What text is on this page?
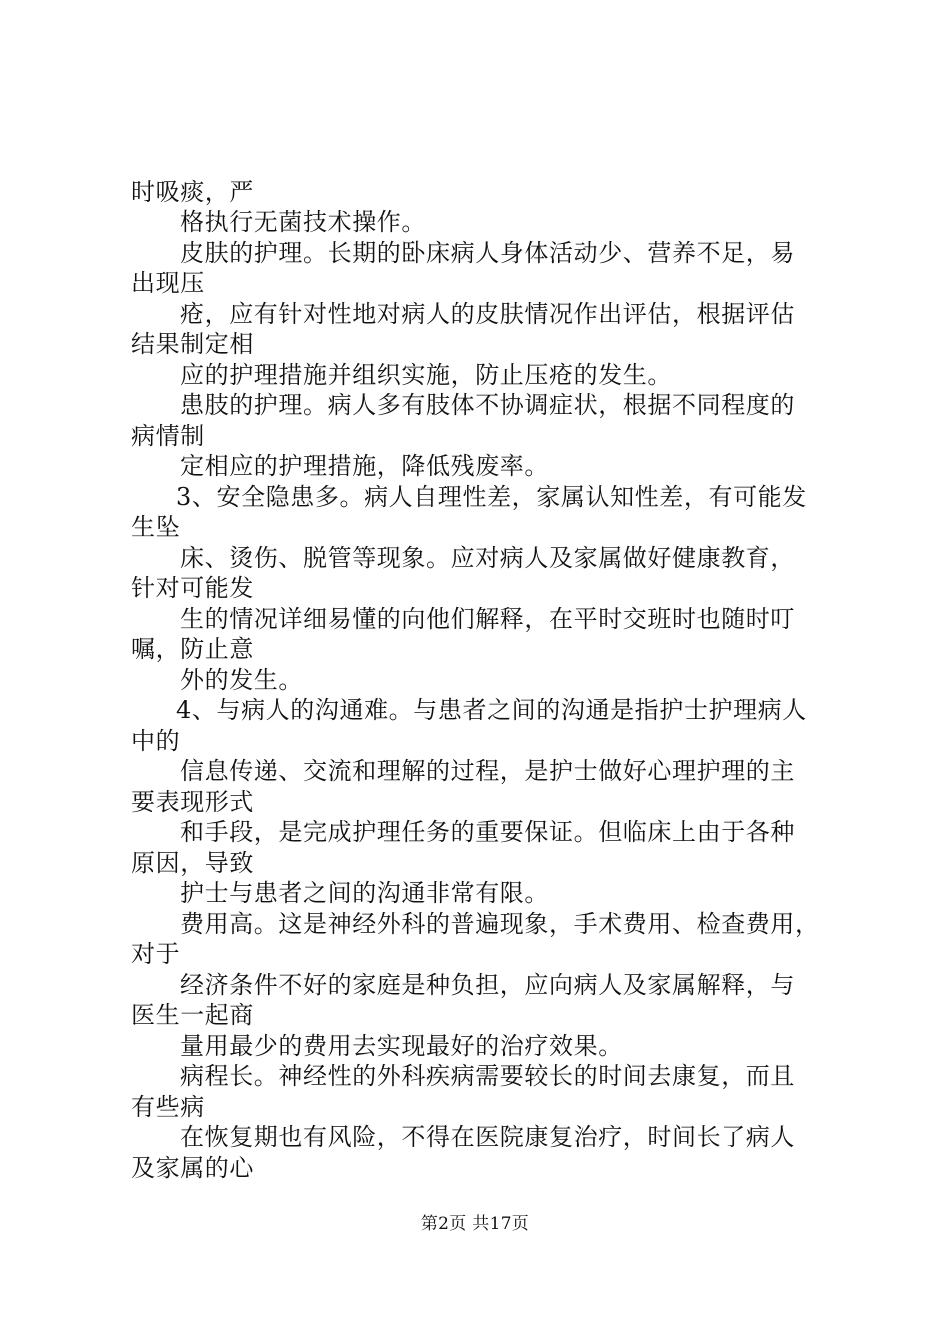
时吸痰，严
格执行无菌技术操作。
皮肤的护理。长期的卧床病人身体活动少、营养不足，易
出现压
疮，应有针对性地对病人的皮肤情况作出评估，根据评估
结果制定相
应的护理措施并组织实施，防止压疮的发生。
患肢的护理。病人多有肢体不协调症状，根据不同程度的
病情制
定相应的护理措施，降低残废率。
3、安全隐患多。病人自理性差，家属认知性差，有可能发
生坠
床、烫伤、脱管等现象。应对病人及家属做好健康教育，
针对可能发
生的情况详细易懂的向他们解释，在平时交班时也随时叮
嘱，防止意
外的发生。
4、与病人的沟通难。与患者之间的沟通是指护士护理病人
中的
信息传递、交流和理解的过程，是护士做好心理护理的主
要表现形式
和手段，是完成护理任务的重要保证。但临床上由于各种
原因，导致
护士与患者之间的沟通非常有限。
费用高。这是神经外科的普遍现象，手术费用、检查费用，
对于
经济条件不好的家庭是种负担，应向病人及家属解释，与
医生一起商
量用最少的费用去实现最好的治疗效果。
病程长。神经性的外科疾病需要较长的时间去康复，而且
有些病
在恢复期也有风险，不得在医院康复治疗，时间长了病人
及家属的心
第2页 共17页
